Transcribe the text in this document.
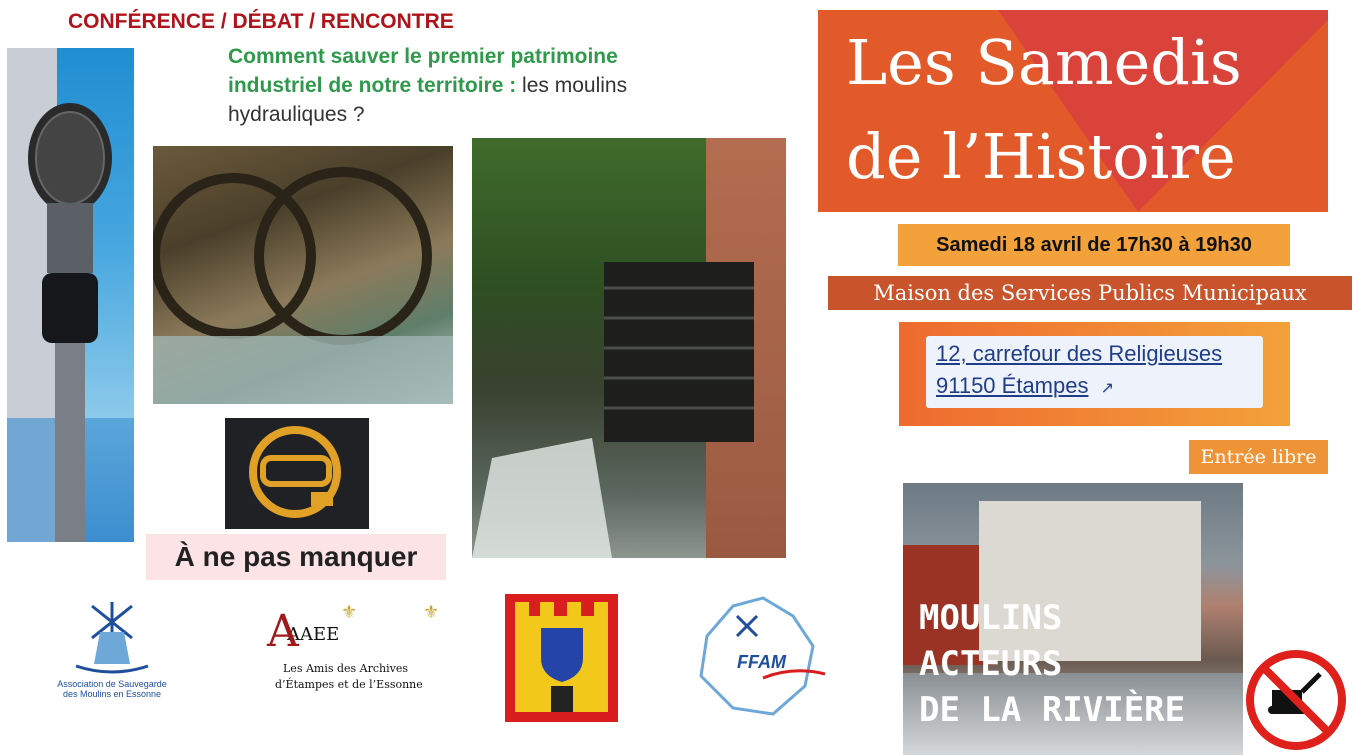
CONFÉRENCE / DÉBAT / RENCONTRE
Comment sauver le premier patrimoine industriel de notre territoire : les moulins hydrauliques ?
À ne pas manquer
Les Samedis
de l’Histoire
Samedi 18 avril de 17h30 à 19h30
Maison des Services Publics Municipaux
12, carrefour des Religieuses
91150 Étampes ↗
Entrée libre
MOULINS
ACTEURS
DE LA RIVIÈRE
Association de Sauvegarde
des Moulins en Essonne
AAEE
A ⚜	⚜
Les Amis des Archives
d’Étampes et de l’Essonne
FFAM
